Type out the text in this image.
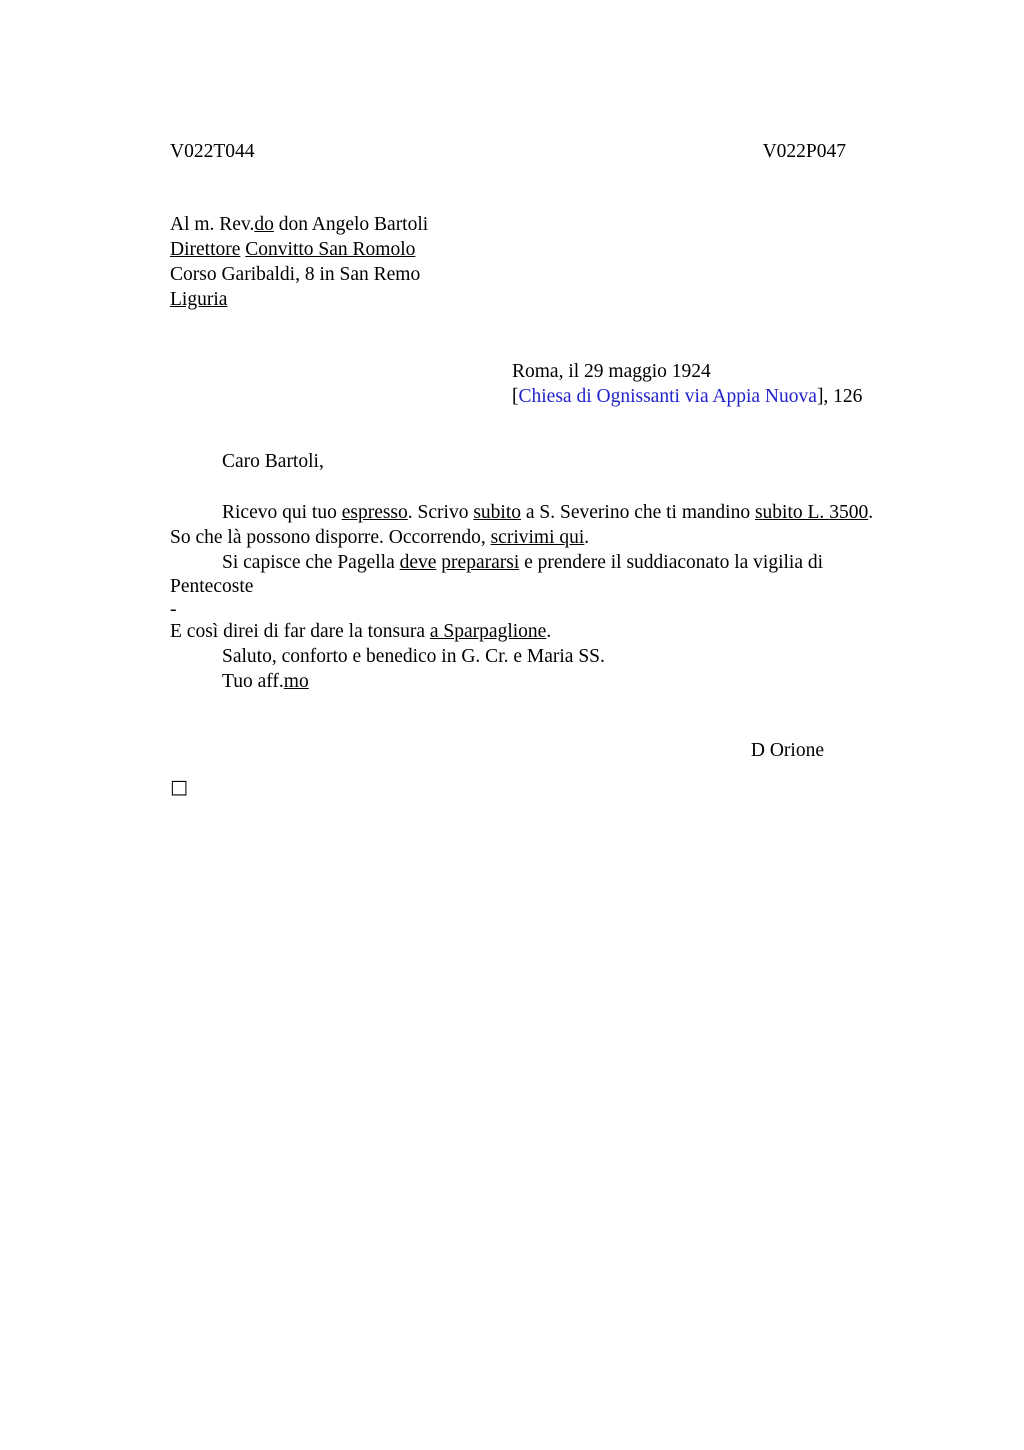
V022T044	V022P047
Al m. Rev.do don Angelo Bartoli
Direttore Convitto San Romolo
Corso Garibaldi, 8 in San Remo
Liguria
Roma, il 29 maggio 1924
[Chiesa di Ognissanti via Appia Nuova], 126
Caro Bartoli,
Ricevo qui tuo espresso. Scrivo subito a S. Severino che ti mandino subito L. 3500.
So che là possono disporre. Occorrendo, scrivimi qui.
Si capisce che Pagella deve prepararsi e prendere il suddiaconato la vigilia di Pentecoste
-
E così direi di far dare la tonsura a Sparpaglione.
Saluto, conforto e benedico in G. Cr. e Maria SS.
Tuo aff.mo
D Orione
□
